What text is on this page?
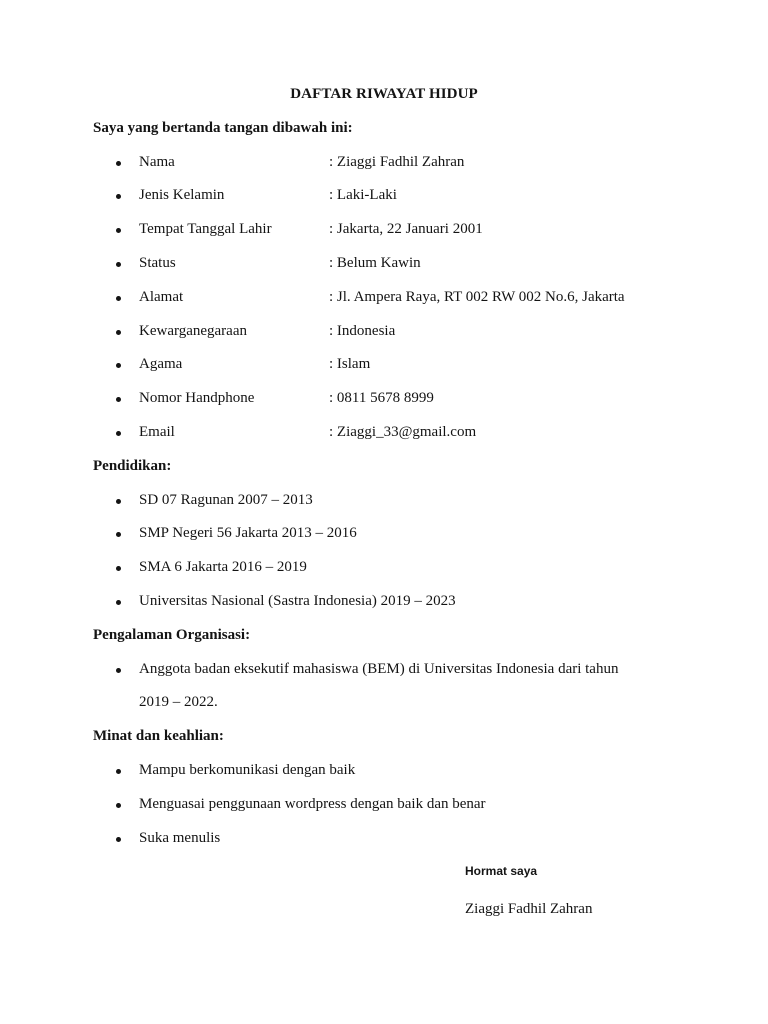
DAFTAR RIWAYAT HIDUP
Saya yang bertanda tangan dibawah ini:
Nama	: Ziaggi Fadhil Zahran
Jenis Kelamin	: Laki-Laki
Tempat Tanggal Lahir	: Jakarta, 22 Januari 2001
Status	: Belum Kawin
Alamat	: Jl. Ampera Raya, RT 002 RW 002 No.6, Jakarta
Kewarganegaraan	: Indonesia
Agama	: Islam
Nomor Handphone	: 0811 5678 8999
Email	: Ziaggi_33@gmail.com
Pendidikan:
SD 07 Ragunan 2007 – 2013
SMP Negeri 56 Jakarta 2013 – 2016
SMA 6 Jakarta 2016 – 2019
Universitas Nasional (Sastra Indonesia) 2019 – 2023
Pengalaman Organisasi:
Anggota badan eksekutif mahasiswa (BEM) di Universitas Indonesia dari tahun
2019 – 2022.
Minat dan keahlian:
Mampu berkomunikasi dengan baik
Menguasai penggunaan wordpress dengan baik dan benar
Suka menulis
Hormat saya
Ziaggi Fadhil Zahran
